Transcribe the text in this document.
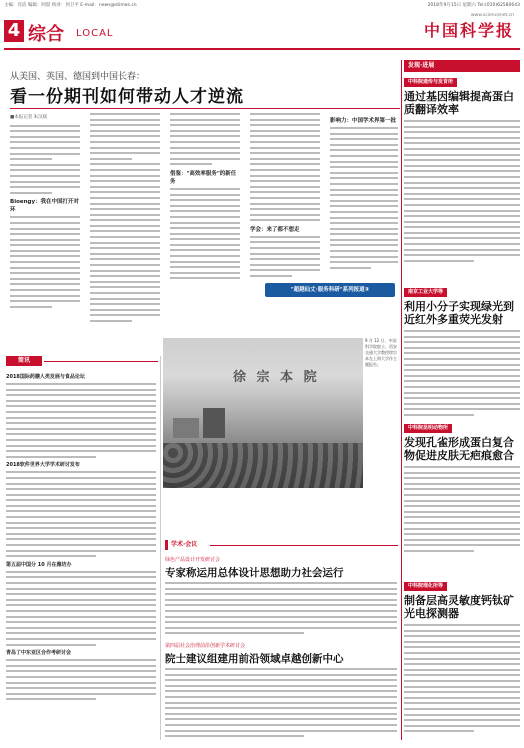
主编：肖洁 编辑：阿喆 校对：何卫平 E-mail：news@stimes.cn	2018年9月15日 星期六 Tel:(010)62580643
4 综合 LOCAL
www.sciencenet.cn
中国科学报
从美国、英国、德国到中国长春：
看一份期刊如何带动人才逆流
■本报记者 朱汉斌
Bioengy：我在中国打开对环
借鉴："高效率服务"的新任务
学会：来了都不想走
影响力：中国学术界第一批
"超越仙丈·服务科研"系列报道③
简讯
2018国际药膳人类发展与食品论坛
2018软件世界大学学术研讨发布
第五届中国分 10 月在潍坊办
青岛了中东亚区合作考研讨会
徐 宗 本 院
9 月 12 日，中国科学院院士、西安交通大学教授徐宗本在上海大学作主题报告。
学术·会议
绿色产品设计开发研讨会
专家称运用总体设计思想助力社会运行
第四届社会治理前沿创新学术研讨会
院士建议组建用前沿领域卓越创新中心
发现·进展
中科院遗传与发育所
通过基因编辑提高蛋白质翻译效率
南京工业大学等
利用小分子实现绿光到近红外多重荧光发射
中科院昆明动物所
发现孔雀形成蛋白复合物促进皮肤无疤痕愈合
中科院理化所等
制备层高灵敏度钙钛矿光电探测器
